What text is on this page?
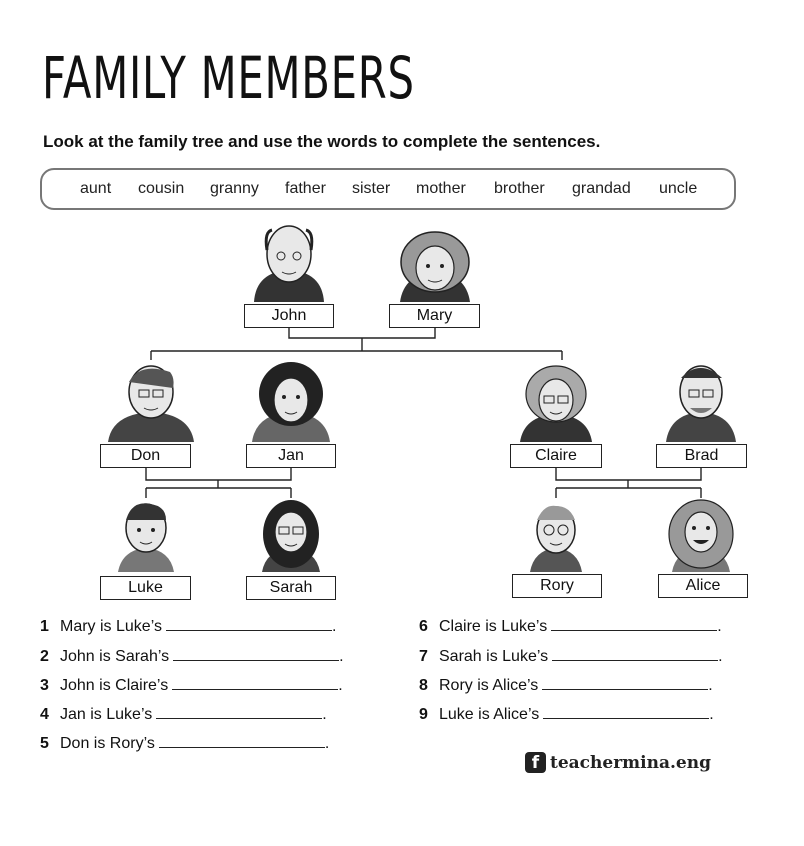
FAMILY MEMBERS
Look at the family tree and use the words to complete the sentences.
aunt cousin granny father sister mother brother grandad uncle
John	Mary
Don	Jan	Claire	Brad
Luke	Sarah	Rory	Alice
1 Mary is Luke’s	.
2 John is Sarah’s	.
3 John is Claire’s	.
4 Jan is Luke’s	.
5 Don is Rory’s	.
6 Claire is Luke’s	.
7 Sarah is Luke’s	.
8 Rory is Alice’s	.
9 Luke is Alice’s	.
f teachermina.eng
